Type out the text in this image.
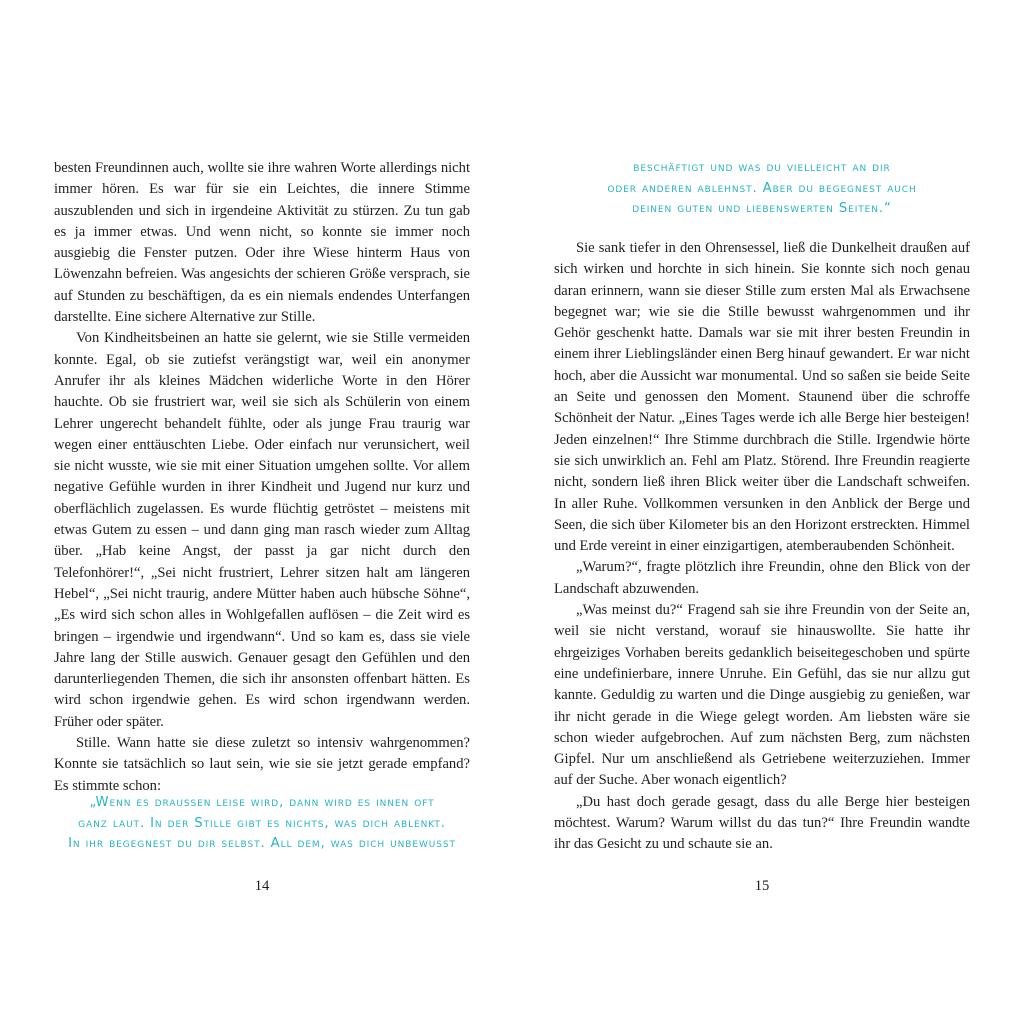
besten Freundinnen auch, wollte sie ihre wahren Worte allerdings nicht immer hören. Es war für sie ein Leichtes, die innere Stimme auszublenden und sich in irgendeine Aktivität zu stürzen. Zu tun gab es ja immer etwas. Und wenn nicht, so konnte sie immer noch ausgiebig die Fenster putzen. Oder ihre Wiese hinterm Haus von Löwenzahn befreien. Was angesichts der schieren Größe versprach, sie auf Stunden zu beschäftigen, da es ein niemals endendes Unterfangen darstellte. Eine sichere Alternative zur Stille.

Von Kindheitsbeinen an hatte sie gelernt, wie sie Stille vermeiden konnte. Egal, ob sie zutiefst verängstigt war, weil ein anonymer Anrufer ihr als kleines Mädchen widerliche Worte in den Hörer hauchte. Ob sie frustriert war, weil sie sich als Schülerin von einem Lehrer ungerecht behandelt fühlte, oder als junge Frau traurig war wegen einer enttäuschten Liebe. Oder einfach nur verunsichert, weil sie nicht wusste, wie sie mit einer Situation umgehen sollte. Vor allem negative Gefühle wurden in ihrer Kindheit und Jugend nur kurz und oberflächlich zugelassen. Es wurde flüchtig getröstet – meistens mit etwas Gutem zu essen – und dann ging man rasch wieder zum Alltag über. „Hab keine Angst, der passt ja gar nicht durch den Telefonhörer!“, „Sei nicht frustriert, Lehrer sitzen halt am längeren Hebel“, „Sei nicht traurig, andere Mütter haben auch hübsche Söhne“, „Es wird sich schon alles in Wohlgefallen auflösen – die Zeit wird es bringen – irgendwie und irgendwann“. Und so kam es, dass sie viele Jahre lang der Stille auswich. Genauer gesagt den Gefühlen und den darunterliegenden Themen, die sich ihr ansonsten offenbart hätten. Es wird schon irgendwie gehen. Es wird schon irgendwann werden. Früher oder später.

Stille. Wann hatte sie diese zuletzt so intensiv wahrgenommen? Konnte sie tatsächlich so laut sein, wie sie sie jetzt gerade empfand? Es stimmte schon:

„Wenn es draussen leise wird, dann wird es innen oft
ganz laut. In der Stille gibt es nichts, was dich ablenkt.
In ihr begegnest du dir selbst. All dem, was dich unbewusst
14
beschäftigt und was du vielleicht an dir
oder anderen ablehnst. Aber du begegnest auch
deinen guten und liebenswerten Seiten.“

Sie sank tiefer in den Ohrensessel, ließ die Dunkelheit draußen auf sich wirken und horchte in sich hinein. Sie konnte sich noch genau daran erinnern, wann sie dieser Stille zum ersten Mal als Erwachsene begegnet war; wie sie die Stille bewusst wahrgenommen und ihr Gehör geschenkt hatte. Damals war sie mit ihrer besten Freundin in einem ihrer Lieblingsländer einen Berg hinauf gewandert. Er war nicht hoch, aber die Aussicht war monumental. Und so saßen sie beide Seite an Seite und genossen den Moment. Staunend über die schroffe Schönheit der Natur. „Eines Tages werde ich alle Berge hier besteigen! Jeden einzelnen!“ Ihre Stimme durchbrach die Stille. Irgendwie hörte sie sich unwirklich an. Fehl am Platz. Störend. Ihre Freundin reagierte nicht, sondern ließ ihren Blick weiter über die Landschaft schweifen. In aller Ruhe. Vollkommen versunken in den Anblick der Berge und Seen, die sich über Kilometer bis an den Horizont erstreckten. Himmel und Erde vereint in einer einzigartigen, atemberaubenden Schönheit.

„Warum?“, fragte plötzlich ihre Freundin, ohne den Blick von der Landschaft abzuwenden.

„Was meinst du?“ Fragend sah sie ihre Freundin von der Seite an, weil sie nicht verstand, worauf sie hinauswollte. Sie hatte ihr ehrgeiziges Vorhaben bereits gedanklich beiseitegeschoben und spürte eine undefinierbare, innere Unruhe. Ein Gefühl, das sie nur allzu gut kannte. Geduldig zu warten und die Dinge ausgiebig zu genießen, war ihr nicht gerade in die Wiege gelegt worden. Am liebsten wäre sie schon wieder aufgebrochen. Auf zum nächsten Berg, zum nächsten Gipfel. Nur um anschließend als Getriebene weiterzuziehen. Immer auf der Suche. Aber wonach eigentlich?

„Du hast doch gerade gesagt, dass du alle Berge hier besteigen möchtest. Warum? Warum willst du das tun?“ Ihre Freundin wandte ihr das Gesicht zu und schaute sie an.

15
